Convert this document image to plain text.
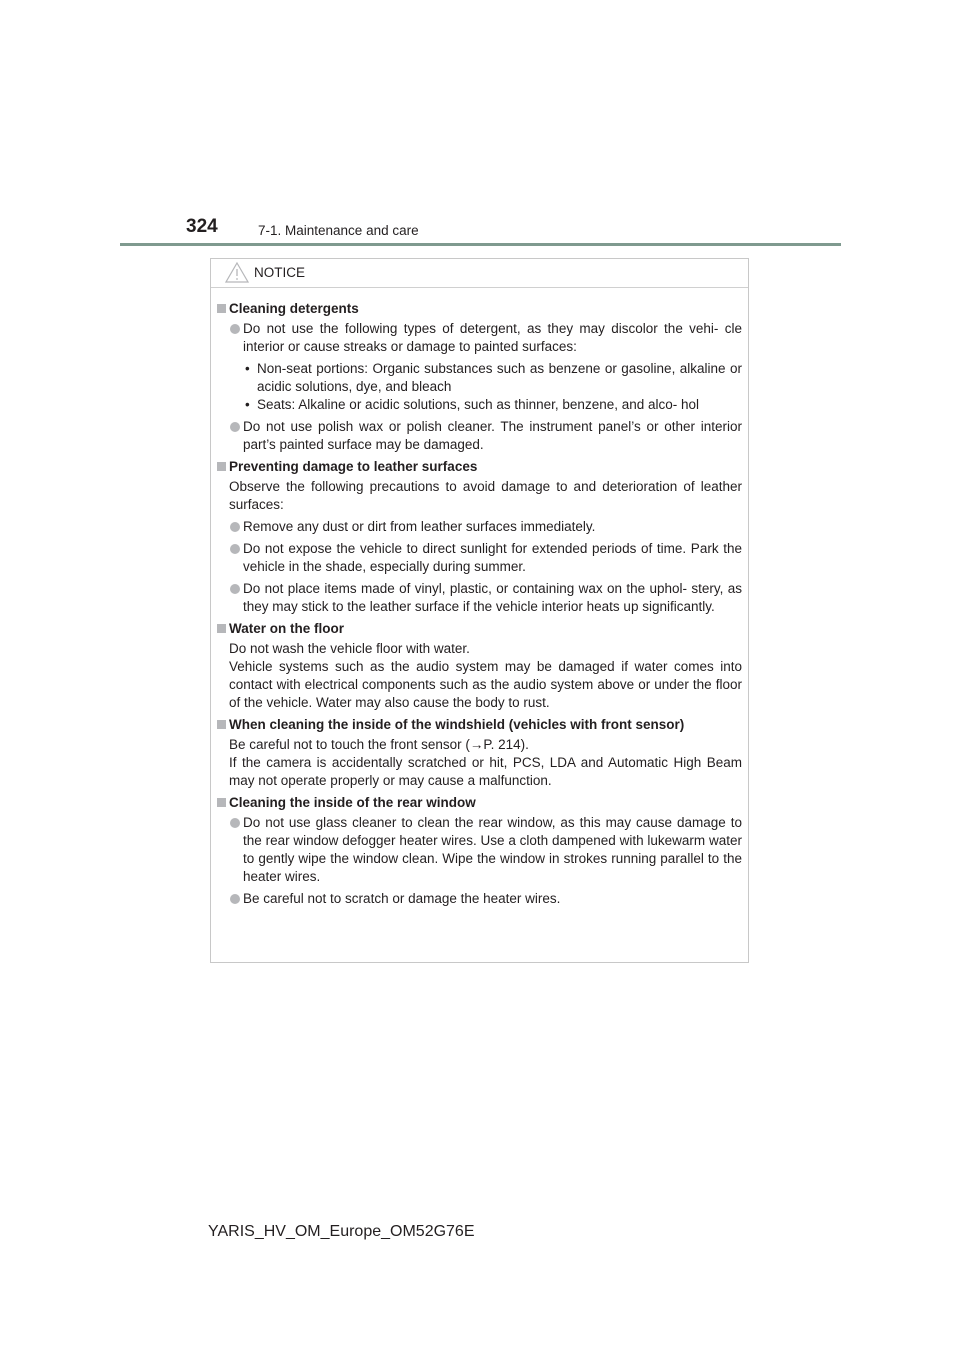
324	7-1. Maintenance and care
NOTICE
Cleaning detergents
Do not use the following types of detergent, as they may discolor the vehi- cle interior or cause streaks or damage to painted surfaces:
• Non-seat portions: Organic substances such as benzene or gasoline, alkaline or acidic solutions, dye, and bleach
• Seats: Alkaline or acidic solutions, such as thinner, benzene, and alco- hol
Do not use polish wax or polish cleaner. The instrument panel’s or other interior part’s painted surface may be damaged.
Preventing damage to leather surfaces
Observe the following precautions to avoid damage to and deterioration of leather surfaces:
Remove any dust or dirt from leather surfaces immediately.
Do not expose the vehicle to direct sunlight for extended periods of time. Park the vehicle in the shade, especially during summer.
Do not place items made of vinyl, plastic, or containing wax on the uphol- stery, as they may stick to the leather surface if the vehicle interior heats up significantly.
Water on the floor
Do not wash the vehicle floor with water.
Vehicle systems such as the audio system may be damaged if water comes into contact with electrical components such as the audio system above or under the floor of the vehicle. Water may also cause the body to rust.
When cleaning the inside of the windshield (vehicles with front sensor)
Be careful not to touch the front sensor (→P. 214).
If the camera is accidentally scratched or hit, PCS, LDA and Automatic High Beam may not operate properly or may cause a malfunction.
Cleaning the inside of the rear window
Do not use glass cleaner to clean the rear window, as this may cause damage to the rear window defogger heater wires. Use a cloth dampened with lukewarm water to gently wipe the window clean. Wipe the window in strokes running parallel to the heater wires.
Be careful not to scratch or damage the heater wires.
YARIS_HV_OM_Europe_OM52G76E
